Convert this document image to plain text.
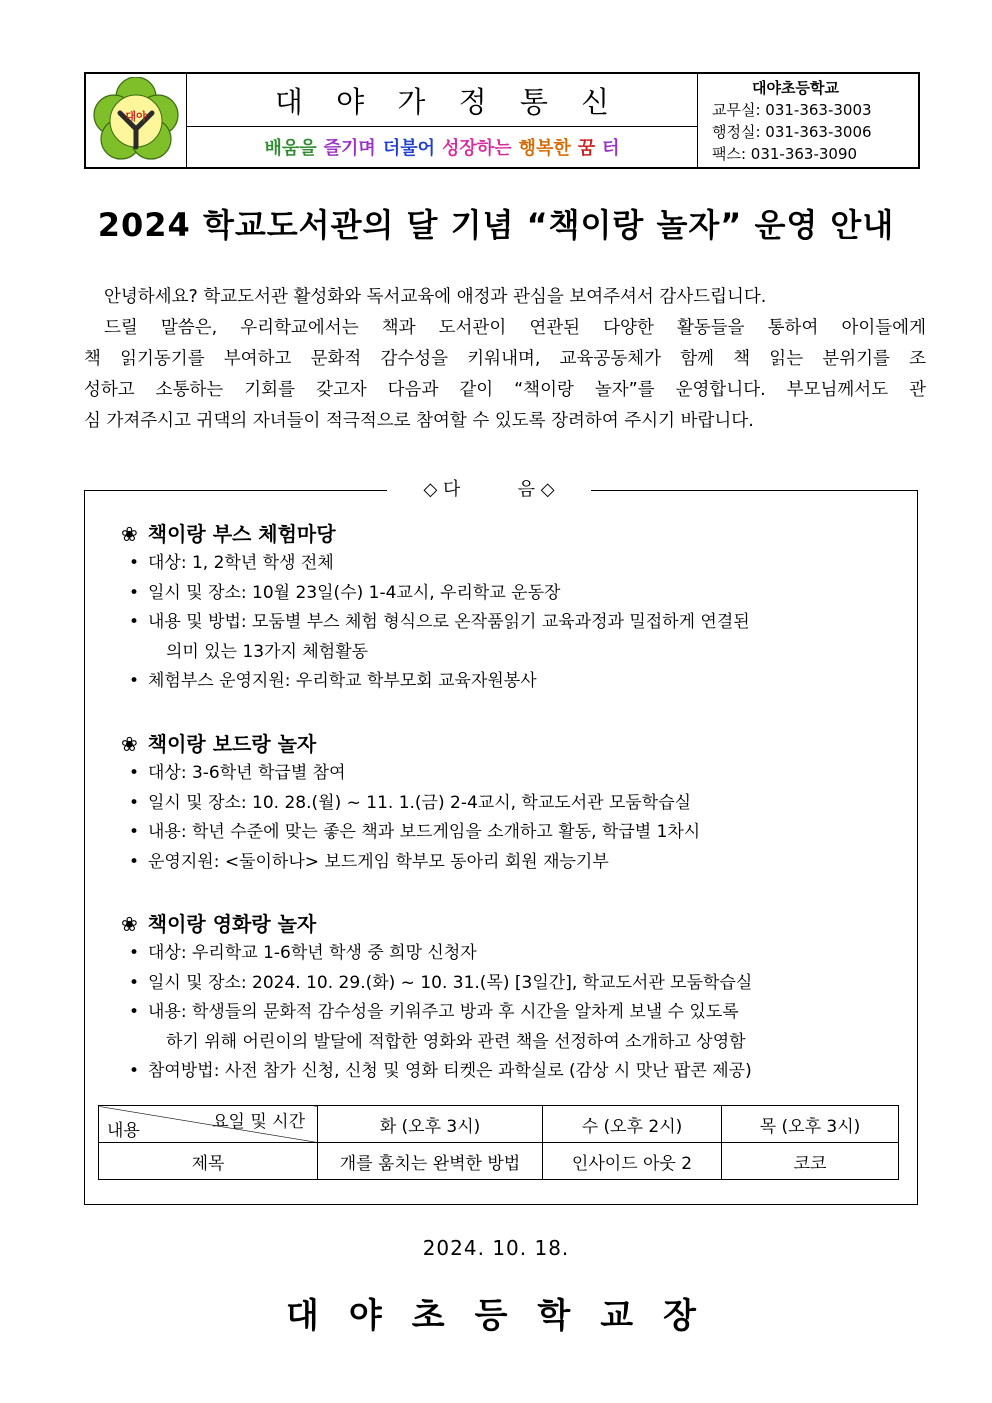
대야	대 야 가 정 통 신
배움을 즐기며 더불어 성장하는 행복한 꿈 터
대야초등학교
교무실: 031-363-3003
행정실: 031-363-3006
팩스: 031-363-3090
2024 학교도서관의 달 기념 “책이랑 놀자” 운영 안내
안녕하세요? 학교도서관 활성화와 독서교육에 애정과 관심을 보여주셔서 감사드립니다.
드릴 말씀은, 우리학교에서는 책과 도서관이 연관된 다양한 활동들을 통하여 아이들에게
책 읽기동기를 부여하고 문화적 감수성을 키워내며, 교육공동체가 함께 책 읽는 분위기를 조
성하고 소통하는 기회를 갖고자 다음과 같이 “책이랑 놀자”를 운영합니다. 부모님께서도 관
심 가져주시고 귀댁의 자녀들이 적극적으로 참여할 수 있도록 장려하여 주시기 바랍니다.
◇ 다          음 ◇
❀ 책이랑 부스 체험마당
• 대상: 1, 2학년 학생 전체
• 일시 및 장소: 10월 23일(수) 1-4교시, 우리학교 운동장
• 내용 및 방법: 모둠별 부스 체험 형식으로 온작품읽기 교육과정과 밀접하게 연결된
의미 있는 13가지 체험활동
• 체험부스 운영지원: 우리학교 학부모회 교육자원봉사
❀ 책이랑 보드랑 놀자
• 대상: 3-6학년 학급별 참여
• 일시 및 장소: 10. 28.(월) ~ 11. 1.(금) 2-4교시, 학교도서관 모둠학습실
• 내용: 학년 수준에 맞는 좋은 책과 보드게임을 소개하고 활동, 학급별 1차시
• 운영지원: <둘이하나> 보드게임 학부모 동아리 회원 재능기부
❀ 책이랑 영화랑 놀자
• 대상: 우리학교 1-6학년 학생 중 희망 신청자
• 일시 및 장소: 2024. 10. 29.(화) ~ 10. 31.(목) [3일간], 학교도서관 모둠학습실
• 내용: 학생들의 문화적 감수성을 키워주고 방과 후 시간을 알차게 보낼 수 있도록
하기 위해 어린이의 발달에 적합한 영화와 관련 책을 선정하여 소개하고 상영함
• 참여방법: 사전 참가 신청, 신청 및 영화 티켓은 과학실로 (감상 시 맛난 팝콘 제공)
요일 및 시간
내용	화 (오후 3시)	수 (오후 2시)	목 (오후 3시)
제목	개를 훔치는 완벽한 방법	인사이드 아웃 2	코코
2024. 10. 18.
대야초등학교장
